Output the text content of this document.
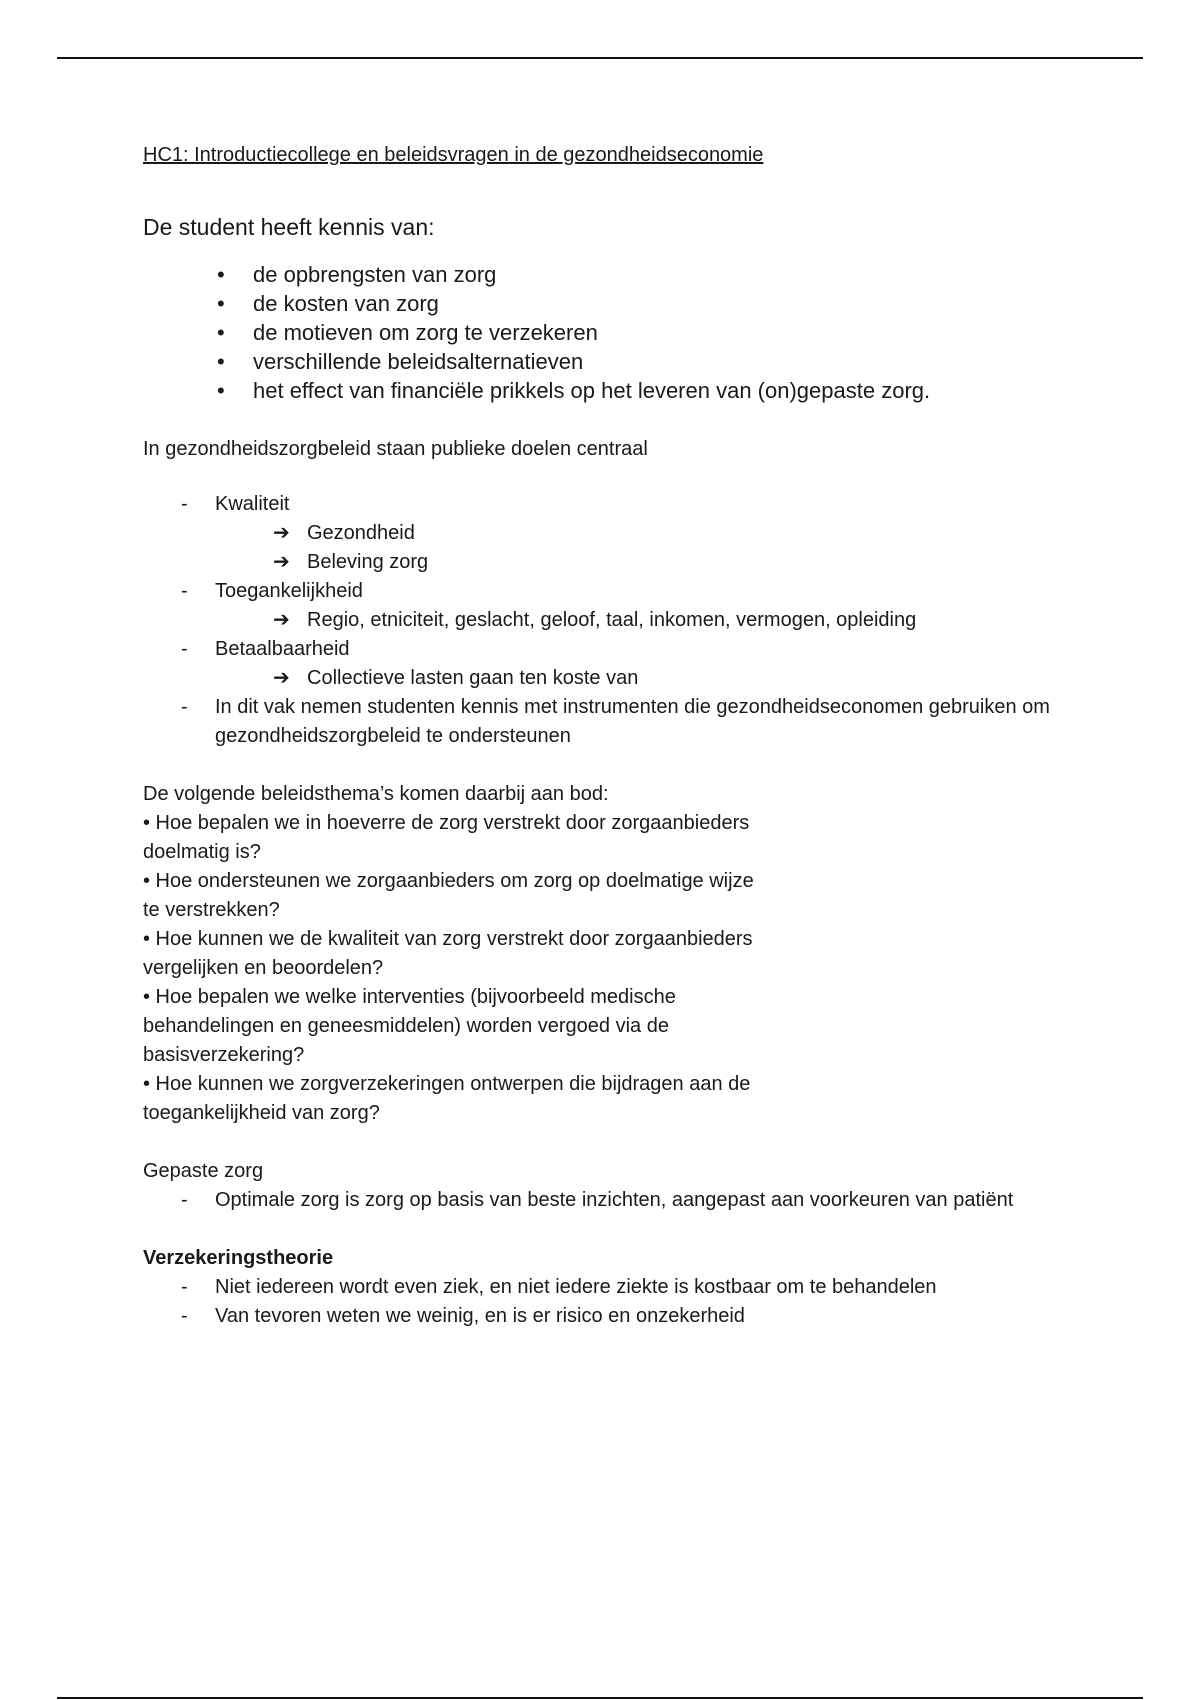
HC1: Introductiecollege en beleidsvragen in de gezondheidseconomie

De student heeft kennis van:

• de opbrengsten van zorg
• de kosten van zorg
• de motieven om zorg te verzekeren
• verschillende beleidsalternatieven
• het effect van financiële prikkels op het leveren van (on)gepaste zorg.

In gezondheidszorgbeleid staan publieke doelen centraal

- Kwaliteit
➔ Gezondheid
➔ Beleving zorg
- Toegankelijkheid
➔ Regio, etniciteit, geslacht, geloof, taal, inkomen, vermogen, opleiding
- Betaalbaarheid
➔ Collectieve lasten gaan ten koste van
- In dit vak nemen studenten kennis met instrumenten die gezondheidseconomen gebruiken om gezondheidszorgbeleid te ondersteunen

De volgende beleidsthema’s komen daarbij aan bod:

• Hoe bepalen we in hoeverre de zorg verstrekt door zorgaanbieders

doelmatig is?

• Hoe ondersteunen we zorgaanbieders om zorg op doelmatige wijze

te verstrekken?

• Hoe kunnen we de kwaliteit van zorg verstrekt door zorgaanbieders

vergelijken en beoordelen?

• Hoe bepalen we welke interventies (bijvoorbeeld medische

behandelingen en geneesmiddelen) worden vergoed via de

basisverzekering?

• Hoe kunnen we zorgverzekeringen ontwerpen die bijdragen aan de

toegankelijkheid van zorg?

Gepaste zorg

- Optimale zorg is zorg op basis van beste inzichten, aangepast aan voorkeuren van patiënt

Verzekeringstheorie

- Niet iedereen wordt even ziek, en niet iedere ziekte is kostbaar om te behandelen
- Van tevoren weten we weinig, en is er risico en onzekerheid
